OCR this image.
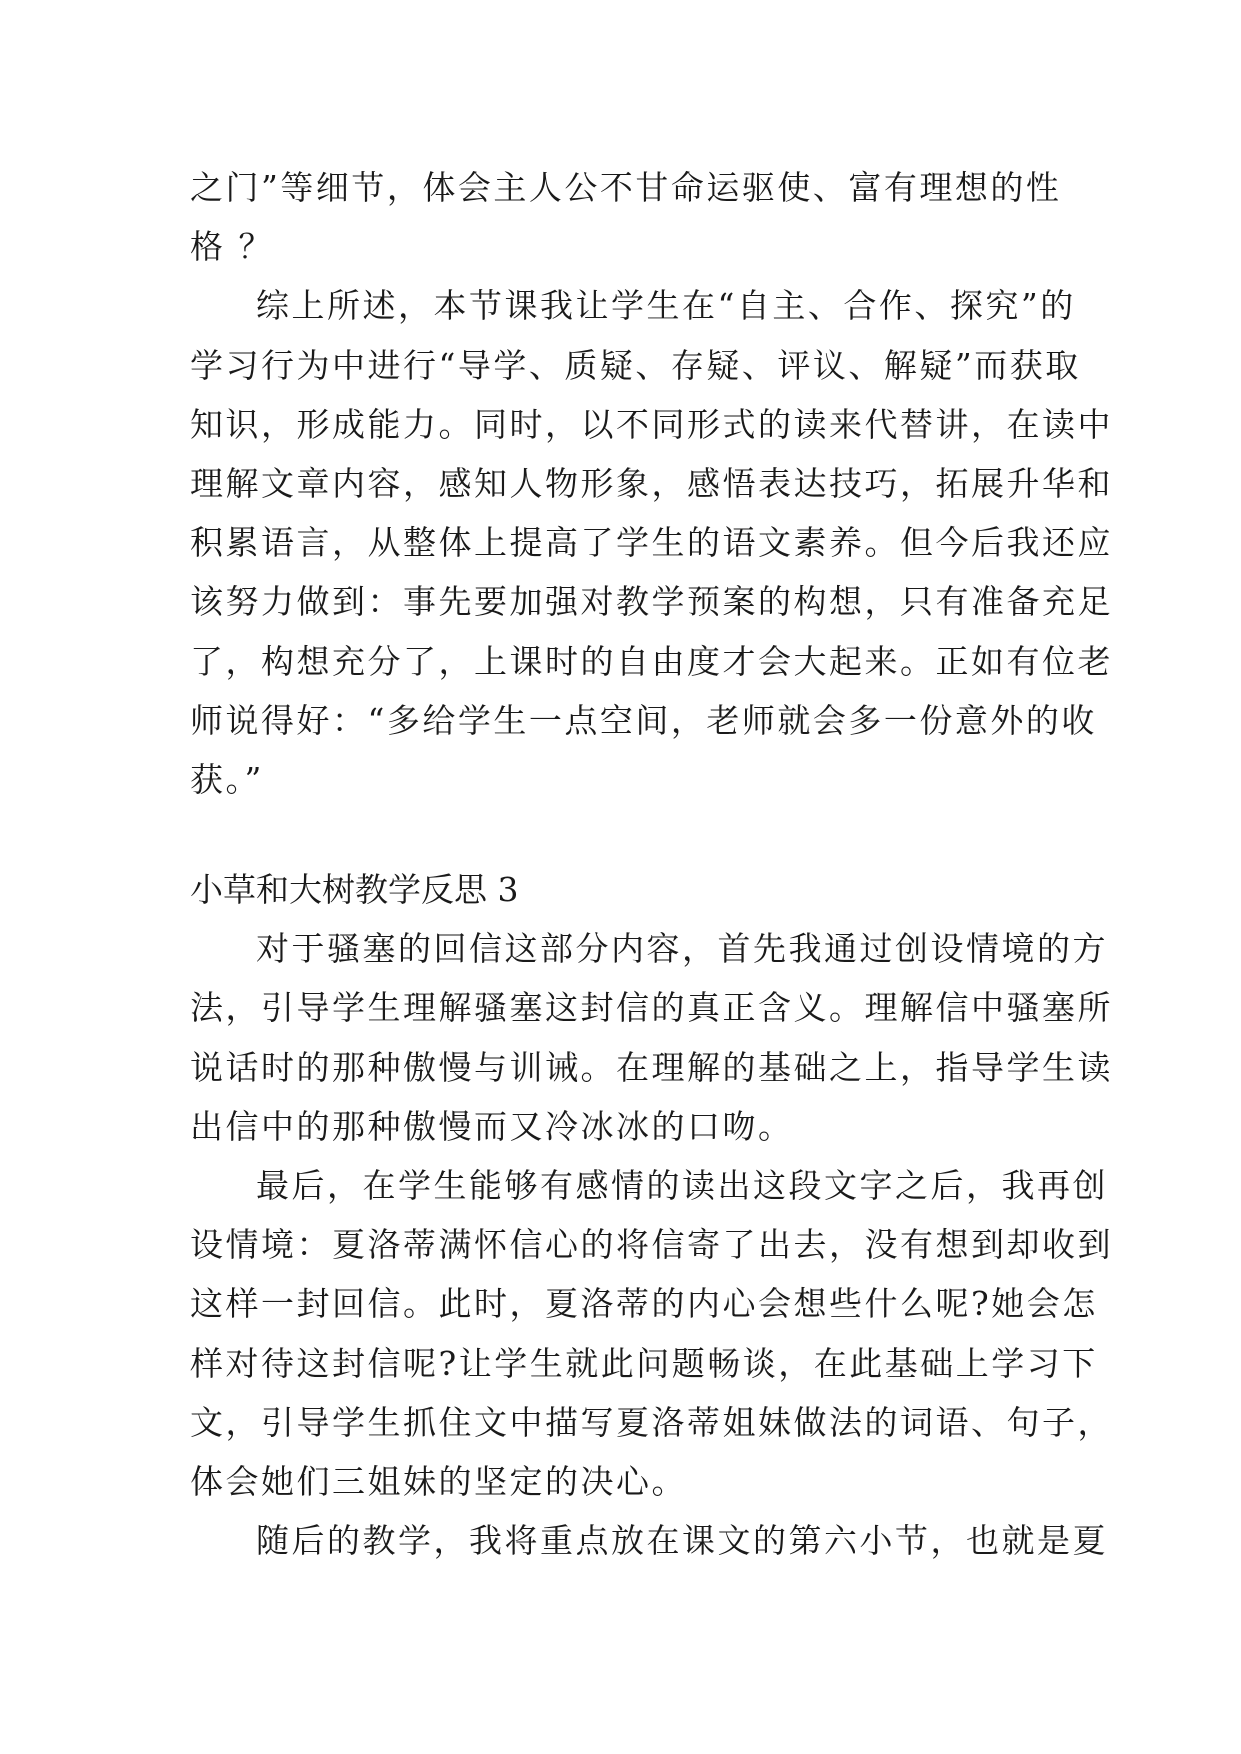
之门”等细节，体会主人公不甘命运驱使、富有理想的性
格 ？
综上所述，本节课我让学生在“自主、合作、探究”的
学习行为中进行“导学、质疑、存疑、评议、解疑”而获取
知识，形成能力。同时，以不同形式的读来代替讲，在读中
理解文章内容，感知人物形象，感悟表达技巧，拓展升华和
积累语言，从整体上提高了学生的语文素养。但今后我还应
该努力做到：事先要加强对教学预案的构想，只有准备充足
了，构想充分了，上课时的自由度才会大起来。正如有位老
师说得好：“多给学生一点空间，老师就会多一份意外的收
获。”
小草和大树教学反思 3
对于骚塞的回信这部分内容，首先我通过创设情境的方
法，引导学生理解骚塞这封信的真正含义。理解信中骚塞所
说话时的那种傲慢与训诫。在理解的基础之上，指导学生读
出信中的那种傲慢而又冷冰冰的口吻。
最后，在学生能够有感情的读出这段文字之后，我再创
设情境：夏洛蒂满怀信心的将信寄了出去，没有想到却收到
这样一封回信。此时，夏洛蒂的内心会想些什么呢?她会怎
样对待这封信呢?让学生就此问题畅谈，在此基础上学习下
文，引导学生抓住文中描写夏洛蒂姐妹做法的词语、句子，
体会她们三姐妹的坚定的决心。
随后的教学，我将重点放在课文的第六小节，也就是夏
